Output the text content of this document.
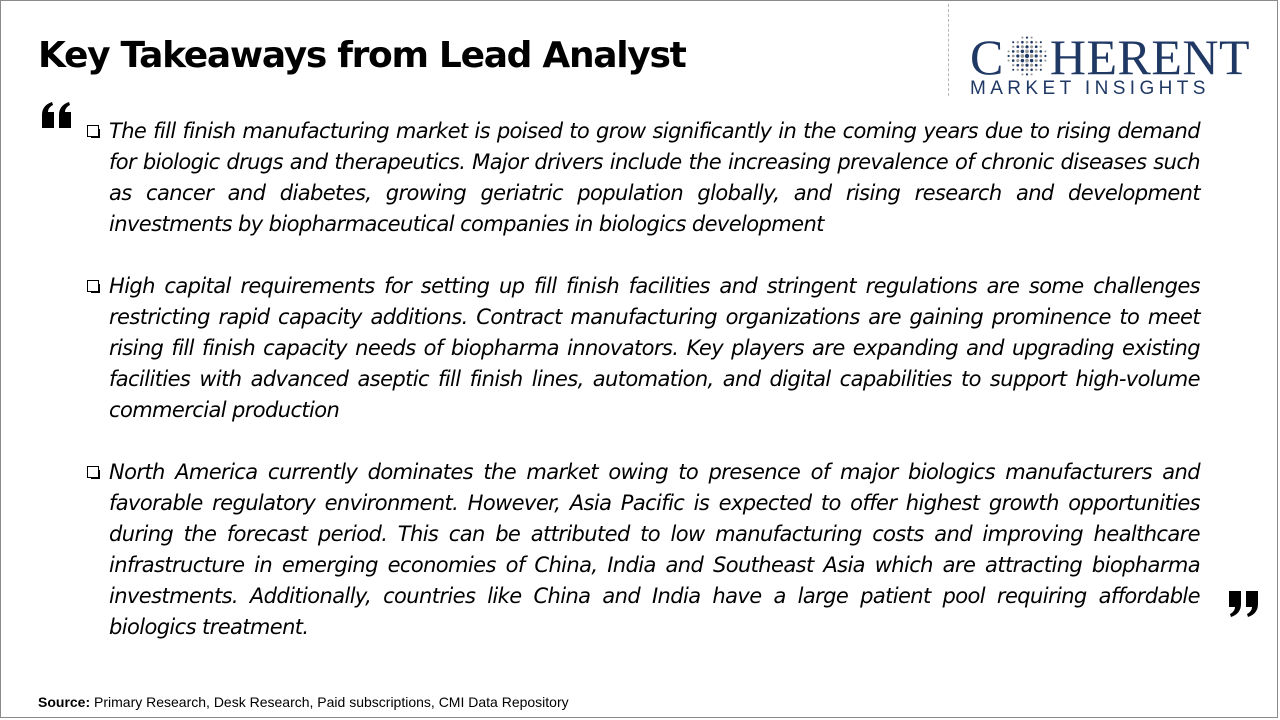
Key Takeaways from Lead Analyst	C HERENT
MARKET INSIGHTS
The fill finish manufacturing market is poised to grow significantly in the coming years due to rising demand for biologic drugs and therapeutics. Major drivers include the increasing prevalence of chronic diseases such as cancer and diabetes, growing geriatric population globally, and rising research and development investments by biopharmaceutical companies in biologics development
High capital requirements for setting up fill finish facilities and stringent regulations are some challenges restricting rapid capacity additions. Contract manufacturing organizations are gaining prominence to meet rising fill finish capacity needs of biopharma innovators. Key players are expanding and upgrading existing facilities with advanced aseptic fill finish lines, automation, and digital capabilities to support high-volume commercial production
North America currently dominates the market owing to presence of major biologics manufacturers and favorable regulatory environment. However, Asia Pacific is expected to offer highest growth opportunities during the forecast period. This can be attributed to low manufacturing costs and improving healthcare infrastructure in emerging economies of China, India and Southeast Asia which are attracting biopharma investments. Additionally, countries like China and India have a large patient pool requiring affordable biologics treatment.
Source: Primary Research, Desk Research, Paid subscriptions, CMI Data Repository
